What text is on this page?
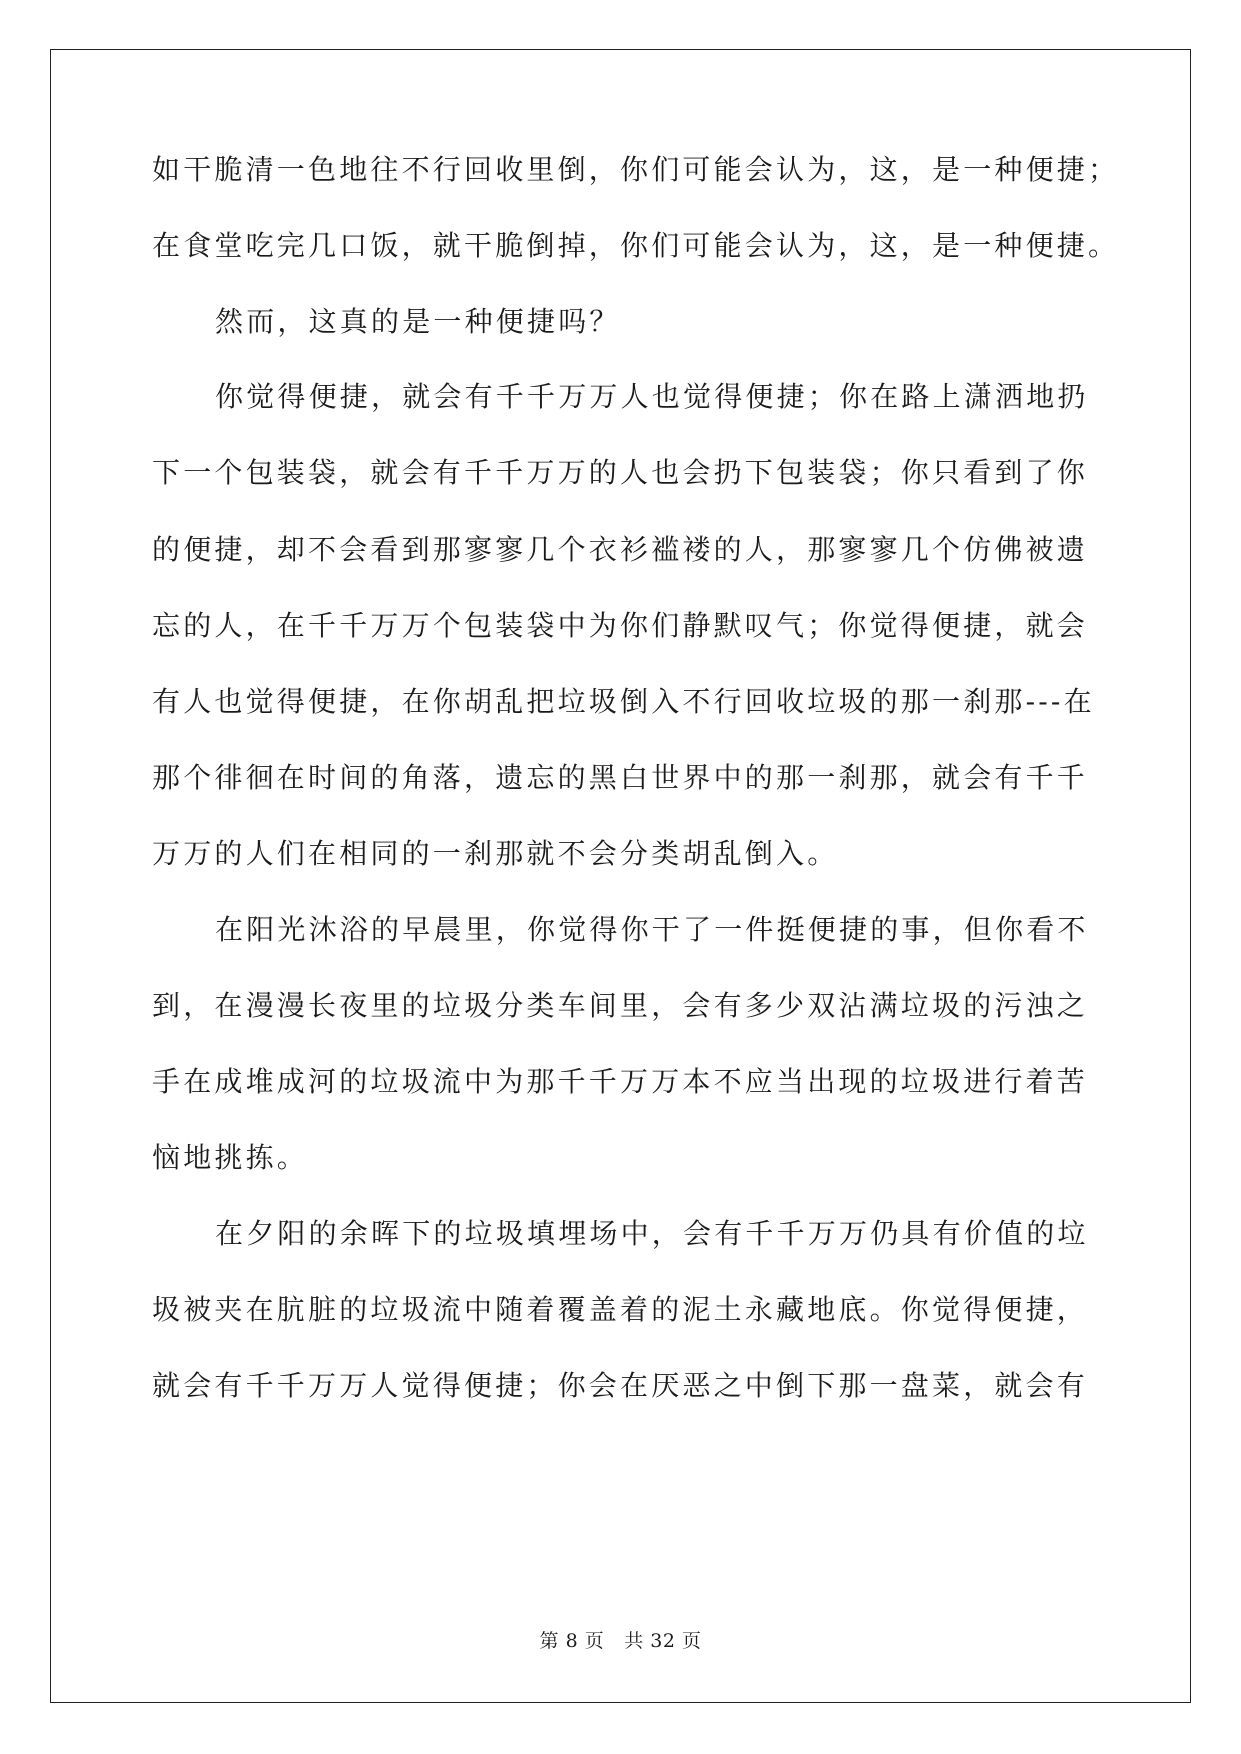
如干脆清一色地往不行回收里倒，你们可能会认为，这，是一种便捷；
在食堂吃完几口饭，就干脆倒掉，你们可能会认为，这，是一种便捷。
然而，这真的是一种便捷吗？
你觉得便捷，就会有千千万万人也觉得便捷；你在路上潇洒地扔
下一个包装袋，就会有千千万万的人也会扔下包装袋；你只看到了你
的便捷，却不会看到那寥寥几个衣衫褴褛的人，那寥寥几个仿佛被遗
忘的人，在千千万万个包装袋中为你们静默叹气；你觉得便捷，就会
有人也觉得便捷，在你胡乱把垃圾倒入不行回收垃圾的那一刹那---在
那个徘徊在时间的角落，遗忘的黑白世界中的那一刹那，就会有千千
万万的人们在相同的一刹那就不会分类胡乱倒入。
在阳光沐浴的早晨里，你觉得你干了一件挺便捷的事，但你看不
到，在漫漫长夜里的垃圾分类车间里，会有多少双沾满垃圾的污浊之
手在成堆成河的垃圾流中为那千千万万本不应当出现的垃圾进行着苦
恼地挑拣。
在夕阳的余晖下的垃圾填埋场中，会有千千万万仍具有价值的垃
圾被夹在肮脏的垃圾流中随着覆盖着的泥土永藏地底。你觉得便捷，
就会有千千万万人觉得便捷；你会在厌恶之中倒下那一盘菜，就会有
第 8 页 共 32 页
